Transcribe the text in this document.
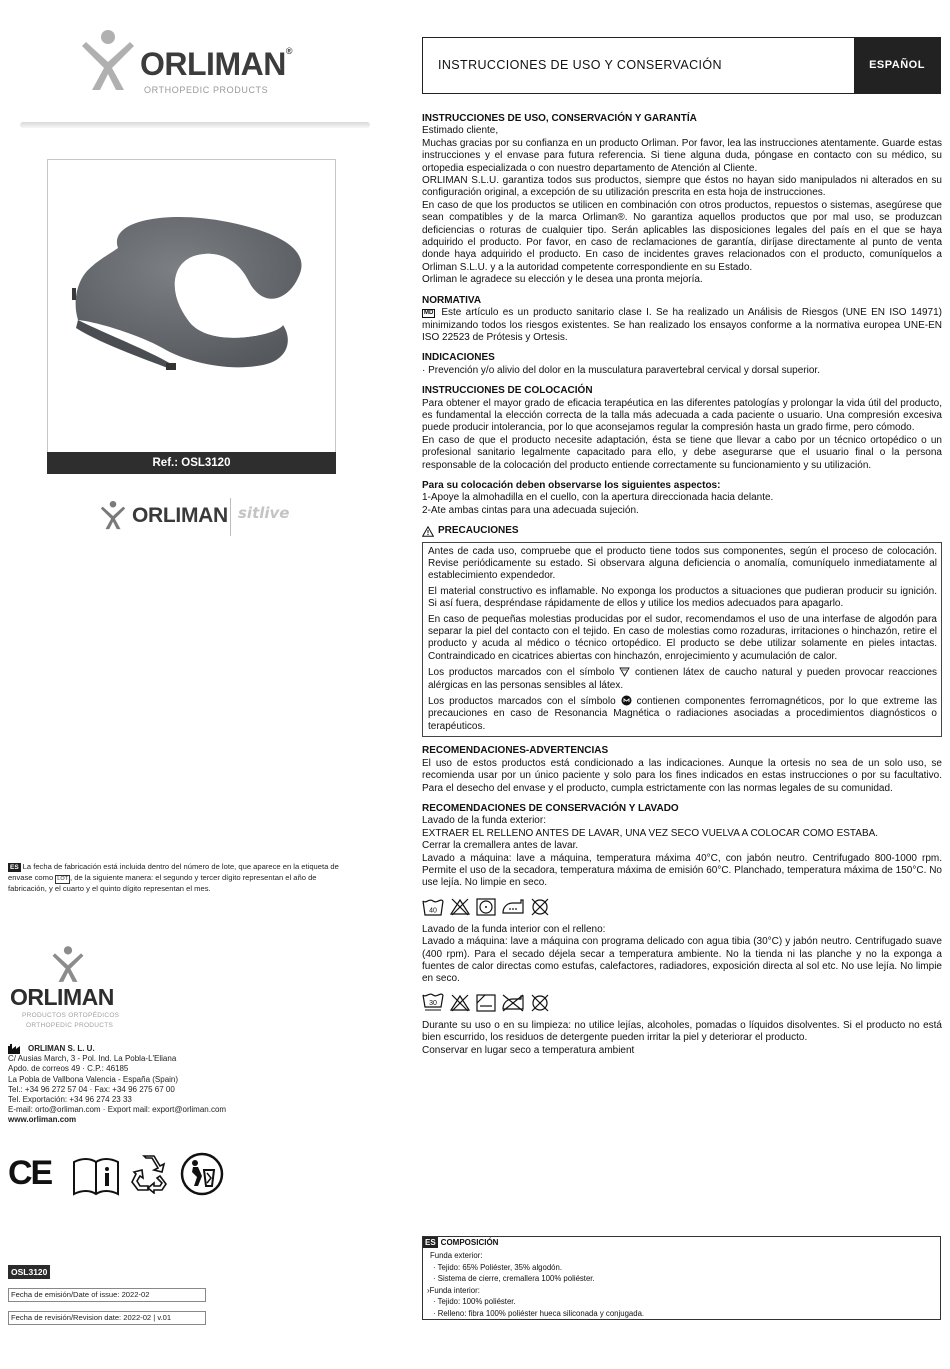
ORLIMAN®
ORTHOPEDIC PRODUCTS
Ref.: OSL3120
ORLIMAN sitlive
ES La fecha de fabricación está incluida dentro del número de lote, que aparece en la etiqueta de envase como LOT , de la siguiente manera: el segundo y tercer dígito representan el año de fabricación, y el cuarto y el quinto dígito representan el mes.
ORLIMAN
PRODUCTOS ORTOPÉDICOS
ORTHOPEDIC PRODUCTS
ORLIMAN S. L. U.
C/ Ausias March, 3 - Pol. Ind. La Pobla-L'Eliana
Apdo. de correos 49 · C.P.: 46185
La Pobla de Vallbona Valencia - España (Spain)
Tel.: +34 96 272 57 04 · Fax: +34 96 275 67 00
Tel. Exportación: +34 96 274 23 33
E-mail: orto@orliman.com · Export mail: export@orliman.com
www.orliman.com
CE
OSL3120
Fecha de emisión/Date of issue: 2022-02
Fecha de revisión/Revision date: 2022-02 | v.01
INSTRUCCIONES DE USO Y CONSERVACIÓN	ESPAÑOL
INSTRUCCIONES DE USO, CONSERVACIÓN Y GARANTÍA
Estimado cliente,
Muchas gracias por su confianza en un producto Orliman. Por favor, lea las instrucciones atentamente. Guarde estas instrucciones y el envase para futura referencia. Si tiene alguna duda, póngase en contacto con su médico, su ortopedia especializada o con nuestro departamento de Atención al Cliente.
ORLIMAN S.L.U. garantiza todos sus productos, siempre que éstos no hayan sido manipulados ni alterados en su configuración original, a excepción de su utilización prescrita en esta hoja de instrucciones.
En caso de que los productos se utilicen en combinación con otros productos, repuestos o sistemas, asegúrese que sean compatibles y de la marca Orliman®. No garantiza aquellos productos que por mal uso, se produzcan deficiencias o roturas de cualquier tipo. Serán aplicables las disposiciones legales del país en el que se haya adquirido el producto. Por favor, en caso de reclamaciones de garantía, diríjase directamente al punto de venta donde haya adquirido el producto. En caso de incidentes graves relacionados con el producto, comuníquelos a Orliman S.L.U. y a la autoridad competente correspondiente en su Estado.
Orliman le agradece su elección y le desea una pronta mejoría.
NORMATIVA
MD Este artículo es un producto sanitario clase I. Se ha realizado un Análisis de Riesgos (UNE EN ISO 14971) minimizando todos los riesgos existentes. Se han realizado los ensayos conforme a la normativa europea UNE-EN ISO 22523 de Prótesis y Ortesis.
INDICACIONES
· Prevención y/o alivio del dolor en la musculatura paravertebral cervical y dorsal superior.
INSTRUCCIONES DE COLOCACIÓN
Para obtener el mayor grado de eficacia terapéutica en las diferentes patologías y prolongar la vida útil del producto, es fundamental la elección correcta de la talla más adecuada a cada paciente o usuario. Una compresión excesiva puede producir intolerancia, por lo que aconsejamos regular la compresión hasta un grado firme, pero cómodo.
En caso de que el producto necesite adaptación, ésta se tiene que llevar a cabo por un técnico ortopédico o un profesional sanitario legalmente capacitado para ello, y debe asegurarse que el usuario final o la persona responsable de la colocación del producto entiende correctamente su funcionamiento y su utilización.
Para su colocación deben observarse los siguientes aspectos:
1-Apoye la almohadilla en el cuello, con la apertura direccionada hacia delante.
2-Ate ambas cintas para una adecuada sujeción.
PRECAUCIONES
Antes de cada uso, compruebe que el producto tiene todos sus componentes, según el proceso de colocación. Revise periódicamente su estado. Si observara alguna deficiencia o anomalía, comuníquelo inmediatamente al establecimiento expendedor.
El material constructivo es inflamable. No exponga los productos a situaciones que pudieran producir su ignición. Si así fuera, despréndase rápidamente de ellos y utilice los medios adecuados para apagarlo.
En caso de pequeñas molestias producidas por el sudor, recomendamos el uso de una interfase de algodón para separar la piel del contacto con el tejido. En caso de molestias como rozaduras, irritaciones o hinchazón, retire el producto y acuda al médico o técnico ortopédico. El producto se debe utilizar solamente en pieles intactas. Contraindicado en cicatrices abiertas con hinchazón, enrojecimiento y acumulación de calor.
Los productos marcados con el símbolo contienen látex de caucho natural y pueden provocar reacciones alérgicas en las personas sensibles al látex.
Los productos marcados con el símbolo contienen componentes ferromagnéticos, por lo que extreme las precauciones en caso de Resonancia Magnética o radiaciones asociadas a procedimientos diagnósticos o terapéuticos.
RECOMENDACIONES-ADVERTENCIAS
El uso de estos productos está condicionado a las indicaciones. Aunque la ortesis no sea de un solo uso, se recomienda usar por un único paciente y solo para los fines indicados en estas instrucciones o por su facultativo. Para el desecho del envase y el producto, cumpla estrictamente con las normas legales de su comunidad.
RECOMENDACIONES DE CONSERVACIÓN Y LAVADO
Lavado de la funda exterior:
EXTRAER EL RELLENO ANTES DE LAVAR, UNA VEZ SECO VUELVA A COLOCAR COMO ESTABA.
Cerrar la cremallera antes de lavar.
Lavado a máquina: lave a máquina, temperatura máxima 40°C, con jabón neutro. Centrifugado 800-1000 rpm. Permite el uso de la secadora, temperatura máxima de emisión 60°C. Planchado, temperatura máxima de 150°C. No use lejía. No limpie en seco.
40
Lavado de la funda interior con el relleno:
Lavado a máquina: lave a máquina con programa delicado con agua tibia (30°C) y jabón neutro. Centrifugado suave (400 rpm). Para el secado déjela secar a temperatura ambiente. No la tienda ni las planche y no la exponga a fuentes de calor directas como estufas, calefactores, radiadores, exposición directa al sol etc. No use lejía. No limpie en seco.
30
Durante su uso o en su limpieza: no utilice lejías, alcoholes, pomadas o líquidos disolventes. Si el producto no está bien escurrido, los residuos de detergente pueden irritar la piel y deteriorar el producto.
Conservar en lugar seco a temperatura ambient
ES COMPOSICIÓN
Funda exterior:
· Tejido: 65% Poliéster, 35% algodón.
· Sistema de cierre, cremallera 100% poliéster.
›Funda interior:
· Tejido: 100% poliéster.
· Relleno: fibra 100% poliéster hueca siliconada y conjugada.
